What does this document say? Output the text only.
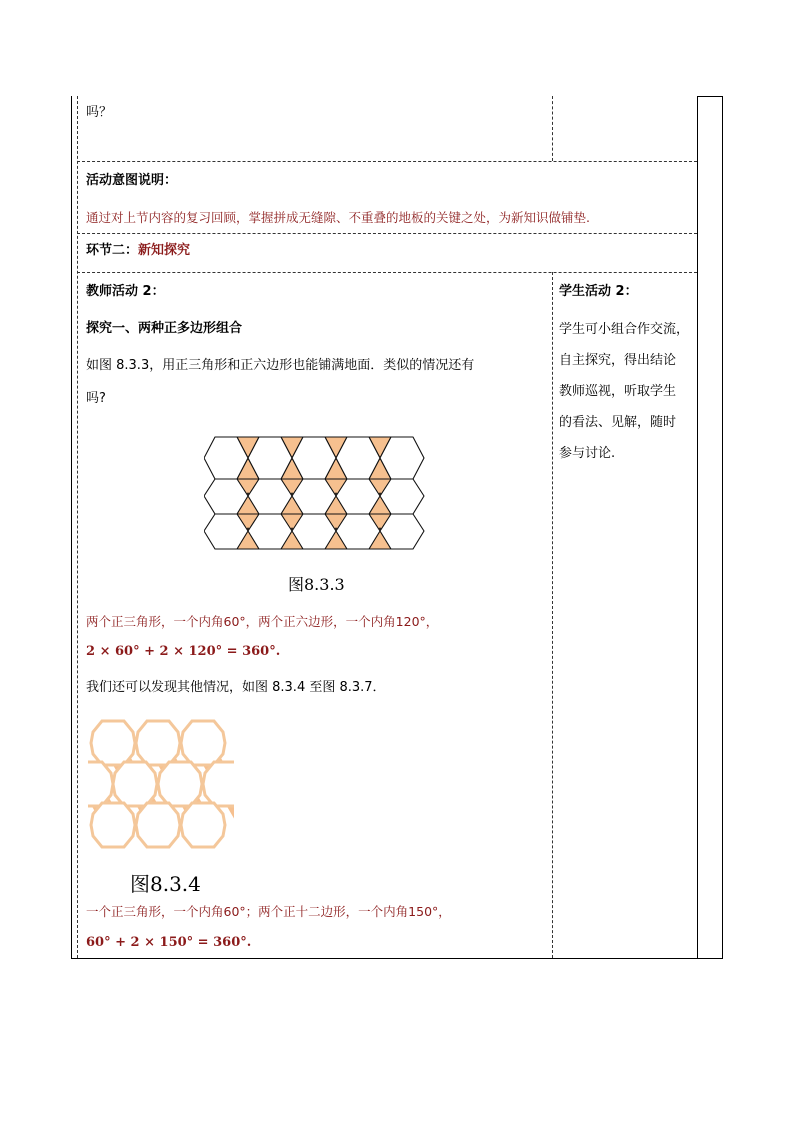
吗？
活动意图说明：
通过对上节内容的复习回顾，掌握拼成无缝隙、不重叠的地板的关键之处，为新知识做铺垫.
环节二：新知探究
教师活动 2：
探究一、两种正多边形组合
如图 8.3.3，用正三角形和正六边形也能铺满地面．类似的情况还有
吗?
图8.3.3
两个正三角形，一个内角60°，两个正六边形，一个内角120°，
2 × 60° + 2 × 120° = 360°.
我们还可以发现其他情况，如图 8.3.4 至图 8.3.7．
图8.3.4
一个正三角形，一个内角60°；两个正十二边形，一个内角150°，
60° + 2 × 150° = 360°.
学生活动 2：
学生可小组合作交流，
自主探究，得出结论
教师巡视，听取学生
的看法、见解，随时
参与讨论.
